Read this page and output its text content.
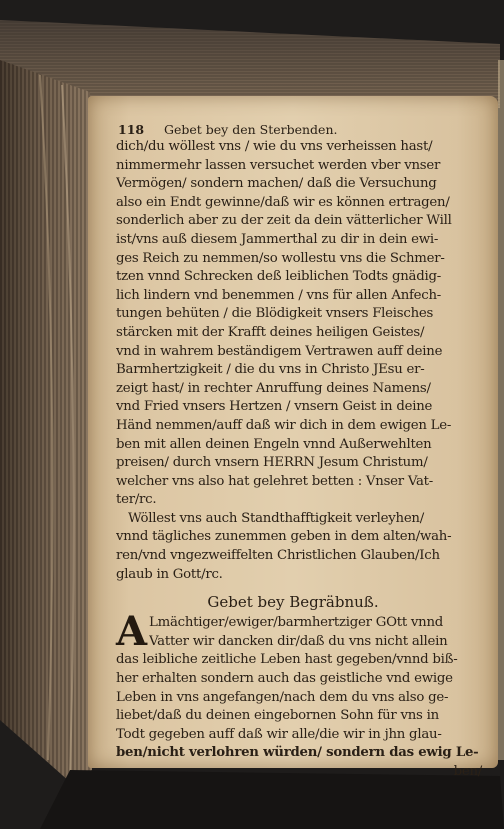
118	Gebet bey den Sterbenden.
dich/du wöllest vns / wie du vns verheissen hast/
nimmermehr lassen versuchet werden vber vnser
Vermögen/ sondern machen/ daß die Versuchung
also ein Endt gewinne/daß wir es können ertragen/
sonderlich aber zu der zeit da dein vätterlicher Will
ist/vns auß diesem Jammerthal zu dir in dein ewi-
ges Reich zu nemmen/so wollestu vns die Schmer-
tzen vnnd Schrecken deß leiblichen Todts gnädig-
lich lindern vnd benemmen / vns für allen Anfech-
tungen behüten / die Blödigkeit vnsers Fleisches
stärcken mit der Krafft deines heiligen Geistes/
vnd in wahrem beständigem Vertrawen auff deine
Barmhertzigkeit / die du vns in Christo JEsu er-
zeigt hast/ in rechter Anruffung deines Namens/
vnd Fried vnsers Hertzen / vnsern Geist in deine
Händ nemmen/auff daß wir dich in dem ewigen Le-
ben mit allen deinen Engeln vnnd Außerwehlten
preisen/ durch vnsern HERRN Jesum Christum/
welcher vns also hat gelehret betten : Vnser Vat-
ter/rc.
Wöllest vns auch Standthafftigkeit verleyhen/
vnnd tägliches zunemmen geben in dem alten/wah-
ren/vnd vngezweiffelten Christlichen Glauben/Ich
glaub in Gott/rc.
Gebet bey Begräbnuß.
A Lmächtiger/ewiger/barmhertziger GOtt vnnd
Vatter wir dancken dir/daß du vns nicht allein
das leibliche zeitliche Leben hast gegeben/vnnd biß-
her erhalten sondern auch das geistliche vnd ewige
Leben in vns angefangen/nach dem du vns also ge-
liebet/daß du deinen eingebornen Sohn für vns in
Todt gegeben auff daß wir alle/die wir in jhn glau-
ben/nicht verlohren würden/ sondern das ewig Le-
ben/
